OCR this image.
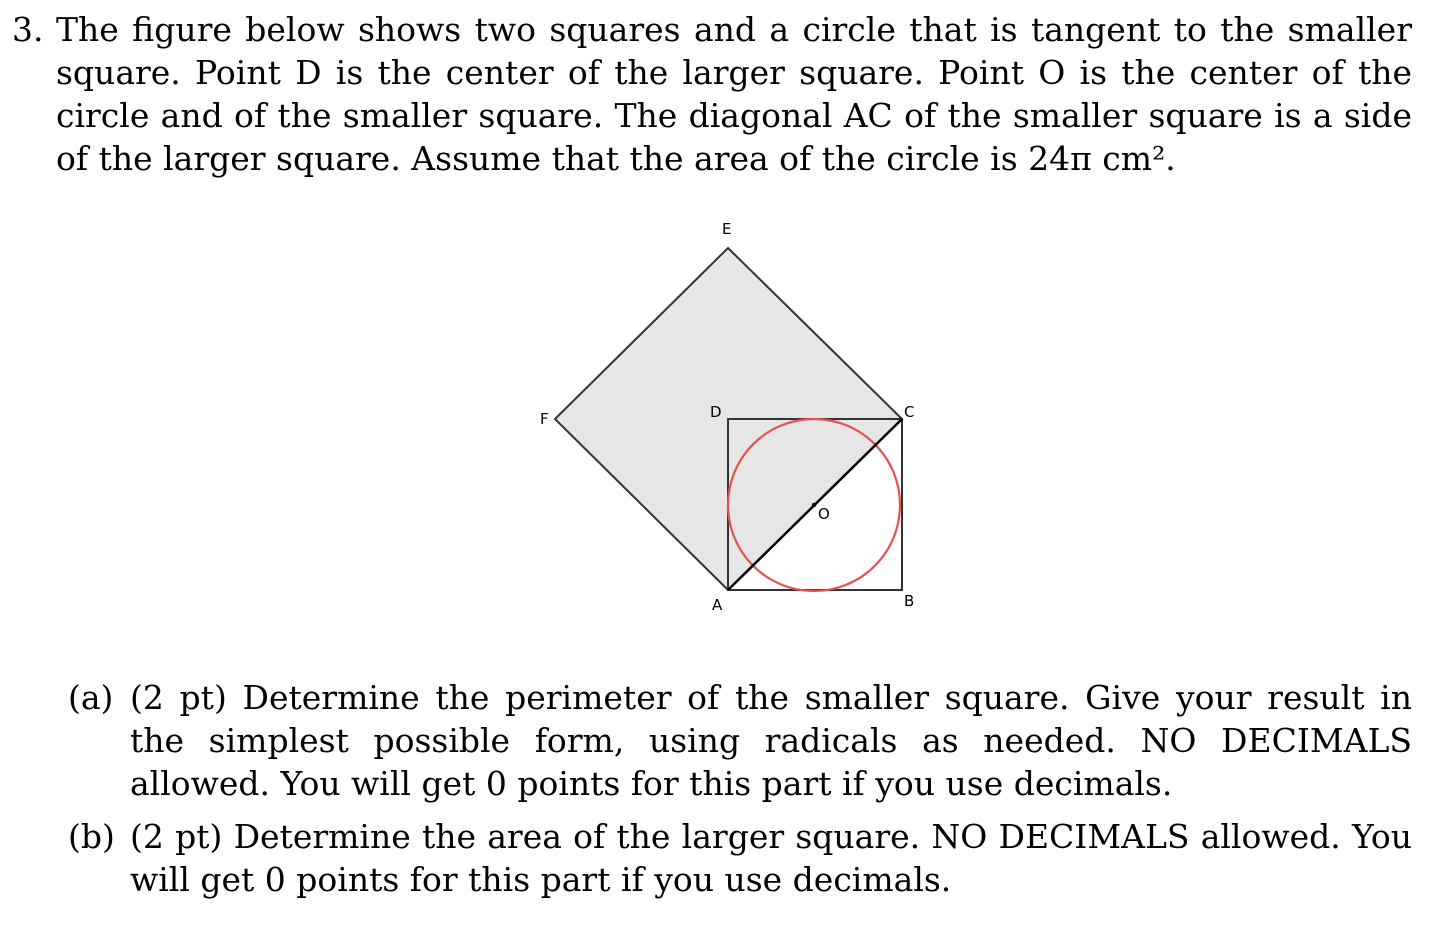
3. The figure below shows two squares and a circle that is tangent to the smaller square. Point D is the center of the larger square. Point O is the center of the circle and of the smaller square. The diagonal AC of the smaller square is a side of the larger square. Assume that the area of the circle is 24π cm².
E
F	D	C
O
A	B
(a) (2 pt) Determine the perimeter of the smaller square. Give your result in the simplest possible form, using radicals as needed. NO DECIMALS allowed. You will get 0 points for this part if you use decimals.
(b) (2 pt) Determine the area of the larger square. NO DECIMALS allowed. You will get 0 points for this part if you use decimals.
